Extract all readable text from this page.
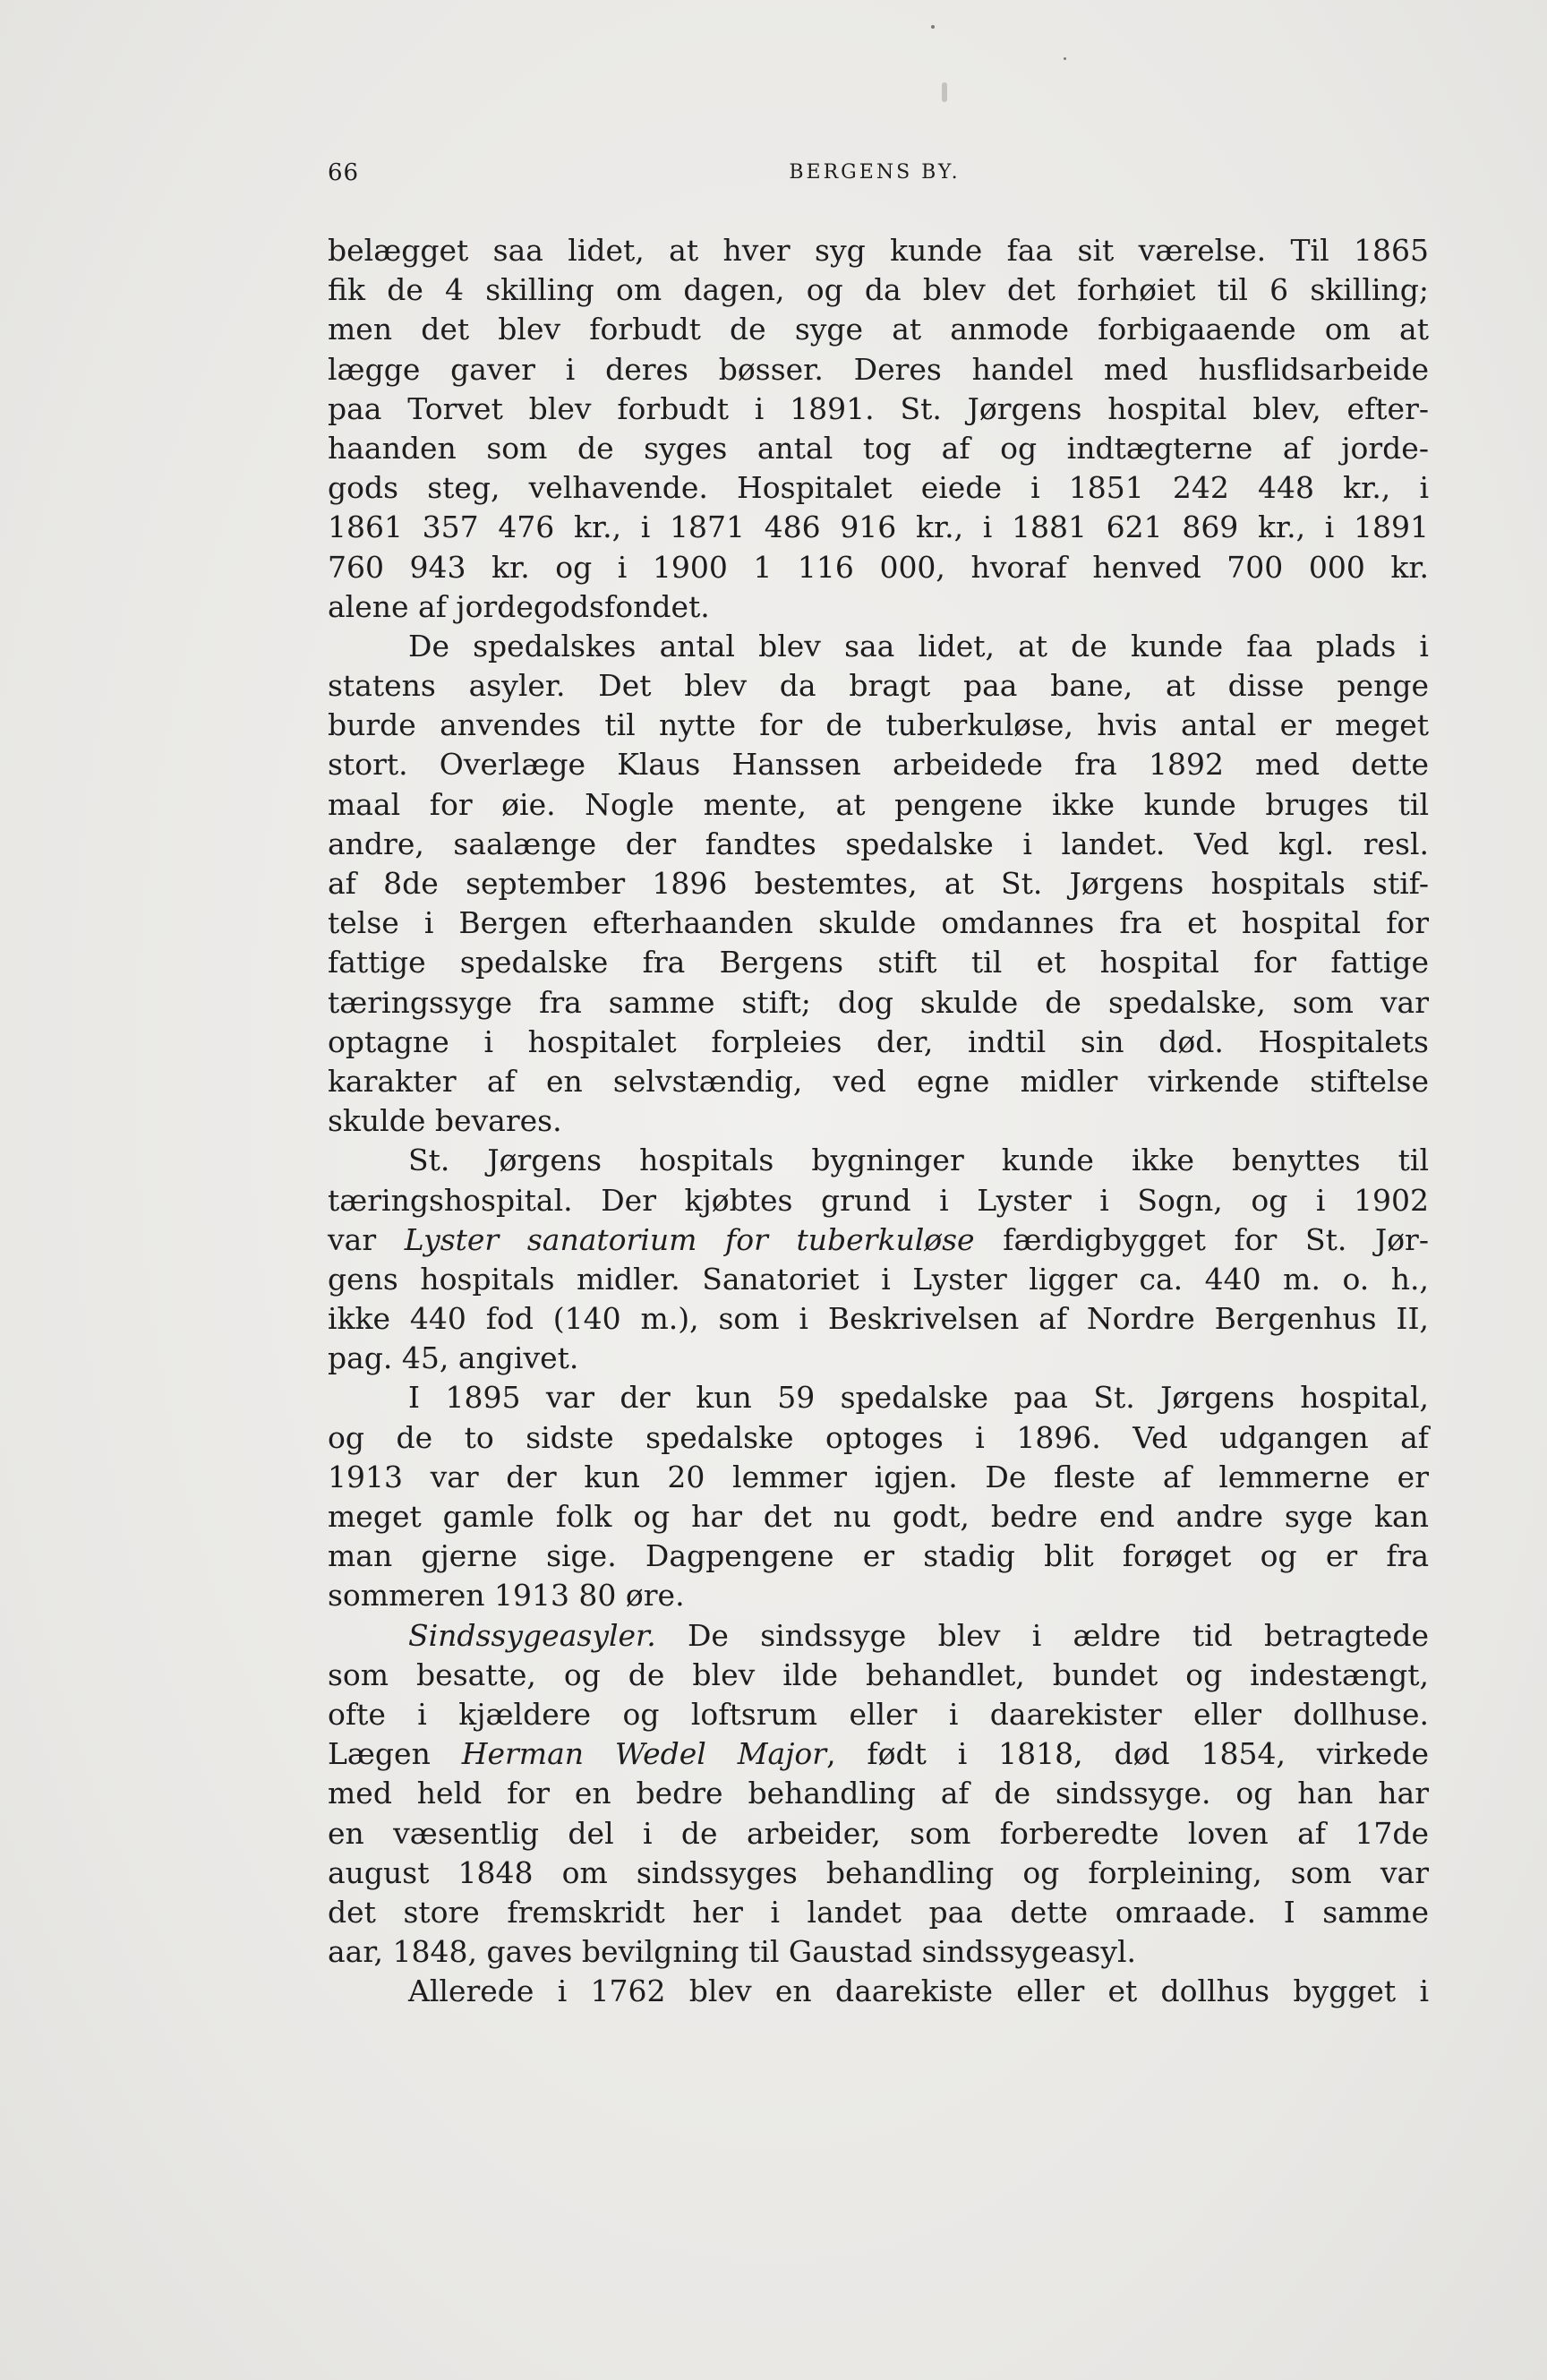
66	BERGENS BY.
belægget saa lidet, at hver syg kunde faa sit værelse. Til 1865
fik de 4 skilling om dagen, og da blev det forhøiet til 6 skilling;
men det blev forbudt de syge at anmode forbigaaende om at
lægge gaver i deres bøsser. Deres handel med husflidsarbeide
paa Torvet blev forbudt i 1891. St. Jørgens hospital blev, efter-
haanden som de syges antal tog af og indtægterne af jorde-
gods steg, velhavende. Hospitalet eiede i 1851 242 448 kr., i
1861 357 476 kr., i 1871 486 916 kr., i 1881 621 869 kr., i 1891
760 943 kr. og i 1900 1 116 000, hvoraf henved 700 000 kr.
alene af jordegodsfondet.
De spedalskes antal blev saa lidet, at de kunde faa plads i
statens asyler. Det blev da bragt paa bane, at disse penge
burde anvendes til nytte for de tuberkuløse, hvis antal er meget
stort. Overlæge Klaus Hanssen arbeidede fra 1892 med dette
maal for øie. Nogle mente, at pengene ikke kunde bruges til
andre, saalænge der fandtes spedalske i landet. Ved kgl. resl.
af 8de september 1896 bestemtes, at St. Jørgens hospitals stif-
telse i Bergen efterhaanden skulde omdannes fra et hospital for
fattige spedalske fra Bergens stift til et hospital for fattige
tæringssyge fra samme stift; dog skulde de spedalske, som var
optagne i hospitalet forpleies der, indtil sin død. Hospitalets
karakter af en selvstændig, ved egne midler virkende stiftelse
skulde bevares.
St. Jørgens hospitals bygninger kunde ikke benyttes til
tæringshospital. Der kjøbtes grund i Lyster i Sogn, og i 1902
var Lyster sanatorium for tuberkuløse færdigbygget for St. Jør-
gens hospitals midler. Sanatoriet i Lyster ligger ca. 440 m. o. h.,
ikke 440 fod (140 m.), som i Beskrivelsen af Nordre Bergenhus II,
pag. 45, angivet.
I 1895 var der kun 59 spedalske paa St. Jørgens hospital,
og de to sidste spedalske optoges i 1896. Ved udgangen af
1913 var der kun 20 lemmer igjen. De fleste af lemmerne er
meget gamle folk og har det nu godt, bedre end andre syge kan
man gjerne sige. Dagpengene er stadig blit forøget og er fra
sommeren 1913 80 øre.
Sindssygeasyler. De sindssyge blev i ældre tid betragtede
som besatte, og de blev ilde behandlet, bundet og indestængt,
ofte i kjældere og loftsrum eller i daarekister eller dollhuse.
Lægen Herman Wedel Major, født i 1818, død 1854, virkede
med held for en bedre behandling af de sindssyge. og han har
en væsentlig del i de arbeider, som forberedte loven af 17de
august 1848 om sindssyges behandling og forpleining, som var
det store fremskridt her i landet paa dette omraade. I samme
aar, 1848, gaves bevilgning til Gaustad sindssygeasyl.
Allerede i 1762 blev en daarekiste eller et dollhus bygget i
